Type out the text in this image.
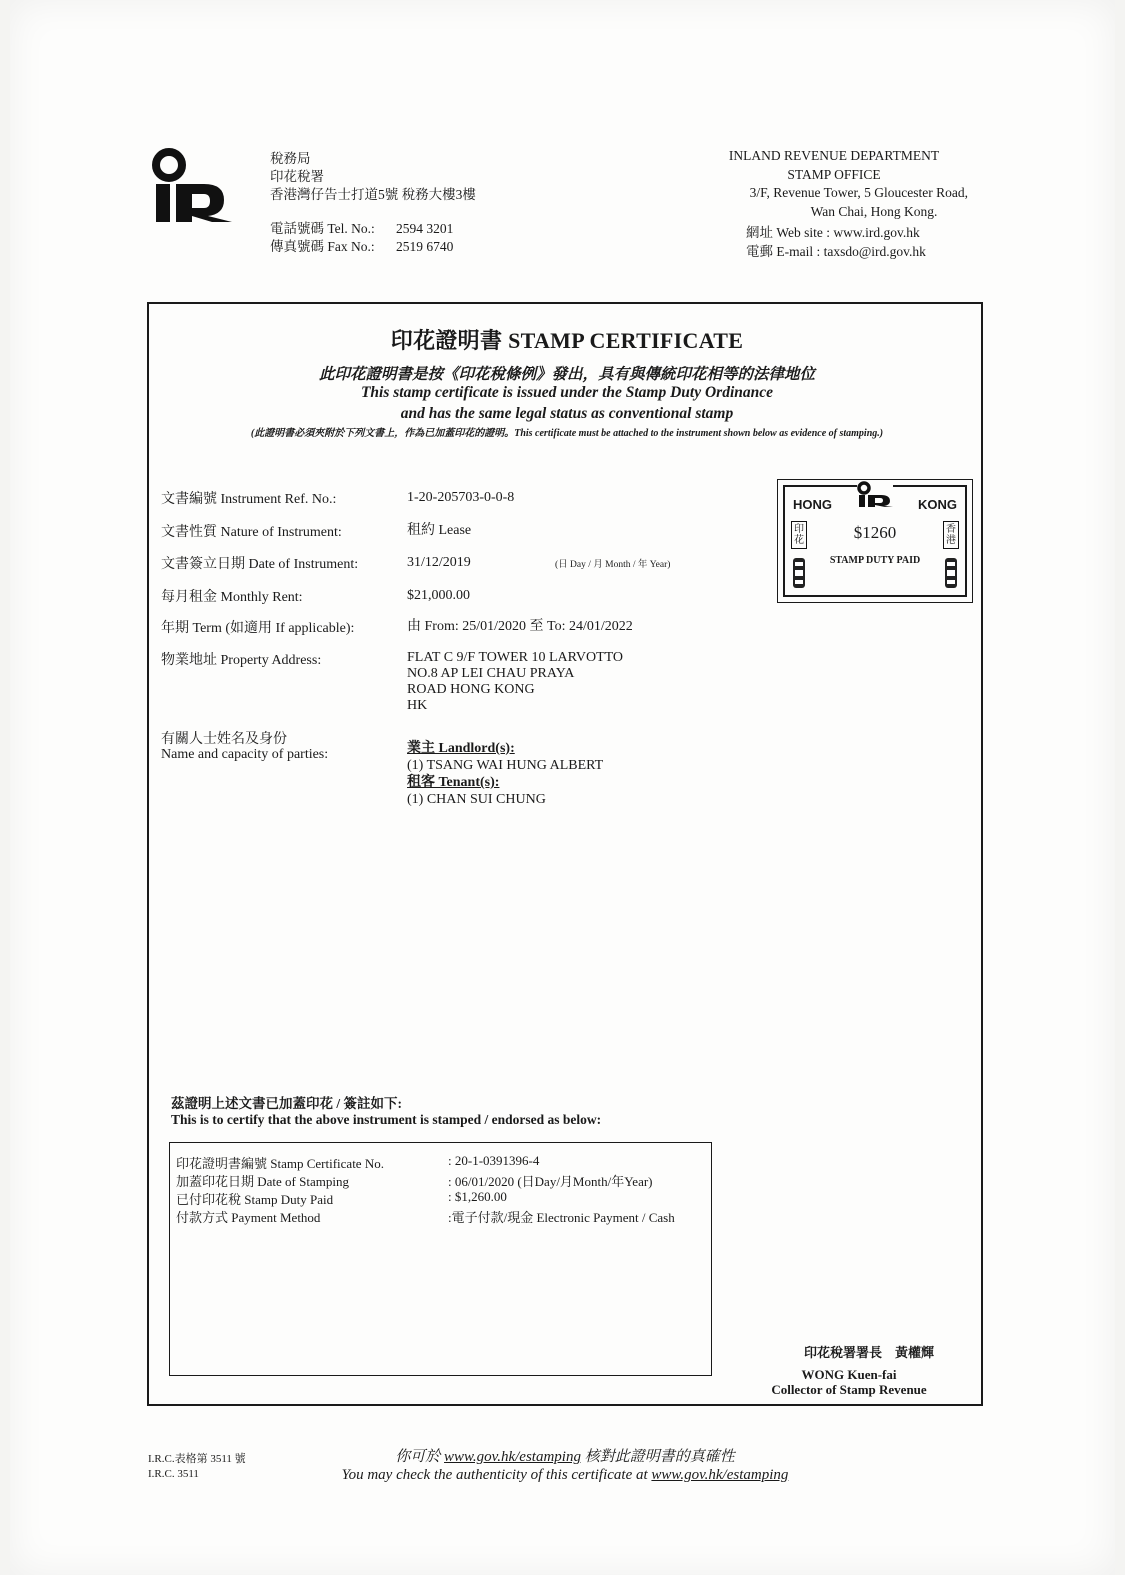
稅務局
印花稅署
香港灣仔告士打道5號 稅務大樓3樓
電話號碼 Tel. No.:	2594 3201
傳真號碼 Fax No.:	2519 6740
INLAND REVENUE DEPARTMENT
STAMP OFFICE
3/F, Revenue Tower, 5 Gloucester Road,
Wan Chai, Hong Kong.
網址 Web site : www.ird.gov.hk
電郵 E-mail : taxsdo@ird.gov.hk
印花證明書 STAMP CERTIFICATE
此印花證明書是按《印花稅條例》發出，具有與傳統印花相等的法律地位
This stamp certificate is issued under the Stamp Duty Ordinance
and has the same legal status as conventional stamp
(此證明書必須夾附於下列文書上，作為已加蓋印花的證明。This certificate must be attached to the instrument shown below as evidence of stamping.)
文書編號 Instrument Ref. No.:	1-20-205703-0-0-8
文書性質 Nature of Instrument:	租約 Lease
文書簽立日期 Date of Instrument:	31/12/2019	(日 Day / 月 Month / 年 Year)
每月租金 Monthly Rent:	$21,000.00
年期 Term (如適用 If applicable):	由 From: 25/01/2020 至 To: 24/01/2022
物業地址 Property Address:	FLAT C 9/F TOWER 10 LARVOTTO
NO.8 AP LEI CHAU PRAYA
ROAD HONG KONG
HK
有關人士姓名及身份
Name and capacity of parties:	業主 Landlord(s):
(1) TSANG WAI HUNG ALBERT
租客 Tenant(s):
(1) CHAN SUI CHUNG
HONG	KONG
印花
香港
$1260
STAMP DUTY PAID
茲證明上述文書已加蓋印花 / 簽註如下:
This is to certify that the above instrument is stamped / endorsed as below:
印花證明書編號 Stamp Certificate No.	: 20-1-0391396-4
加蓋印花日期 Date of Stamping	: 06/01/2020 (日Day/月Month/年Year)
已付印花稅 Stamp Duty Paid	: $1,260.00
付款方式 Payment Method	:電子付款/現金 Electronic Payment / Cash
印花稅署署長　黃權輝
WONG Kuen-fai
Collector of Stamp Revenue
I.R.C.表格第 3511 號
I.R.C. 3511
你可於 www.gov.hk/estamping 核對此證明書的真確性
You may check the authenticity of this certificate at www.gov.hk/estamping
